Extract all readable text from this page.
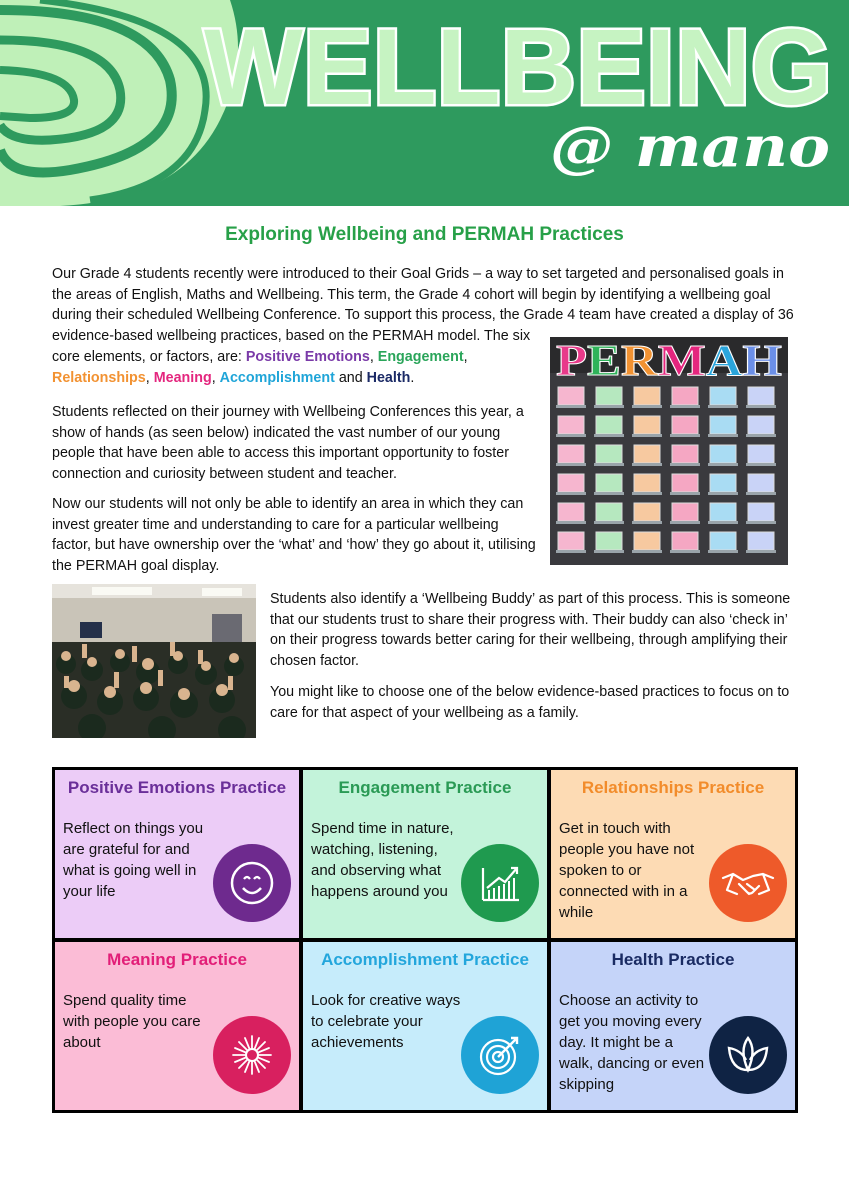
WELLBEING
@ mano
Exploring Wellbeing and PERMAH Practices

Our Grade 4 students recently were introduced to their Goal Grids – a way to set targeted and personalised goals in the areas of English, Maths and Wellbeing. This term, the Grade 4 cohort will begin by identifying a wellbeing goal during their scheduled Wellbeing Conference. To support this process, the Grade 4 team have created a display of 36 evidence-based wellbeing practices, based on the PERMAH model. The six

core elements, or factors, are: Positive Emotions, Engagement, Relationships, Meaning, Accomplishment and Health.

Students reflected on their journey with Wellbeing Conferences this year, a show of hands (as seen below) indicated the vast number of our young people that have been able to access this important opportunity to foster connection and curiosity between student and teacher.

Now our students will not only be able to identify an area in which they can invest greater time and understanding to care for a particular wellbeing factor, but have ownership over the ‘what’ and ‘how’ they go about it, utilising the PERMAH goal display.

Students also identify a ‘Wellbeing Buddy’ as part of this process. This is someone that our students trust to share their progress with. Their buddy can also ‘check in’ on their progress towards better caring for their wellbeing, through amplifying their chosen factor.

You might like to choose one of the below evidence-based practices to focus on to care for that aspect of your wellbeing as a family.

PE R M A H
Positive Emotions Practice

Reflect on things you are grateful for and what is going well in your life

Engagement Practice

Spend time in nature, watching, listening, and observing what happens around you

Relationships Practice

Get in touch with people you have not spoken to or connected with in a while

Meaning Practice

Spend quality time with people you care about

Accomplishment Practice

Look for creative ways to celebrate your achievements

Health Practice

Choose an activity to get you moving every day. It might be a walk, dancing or even skipping
